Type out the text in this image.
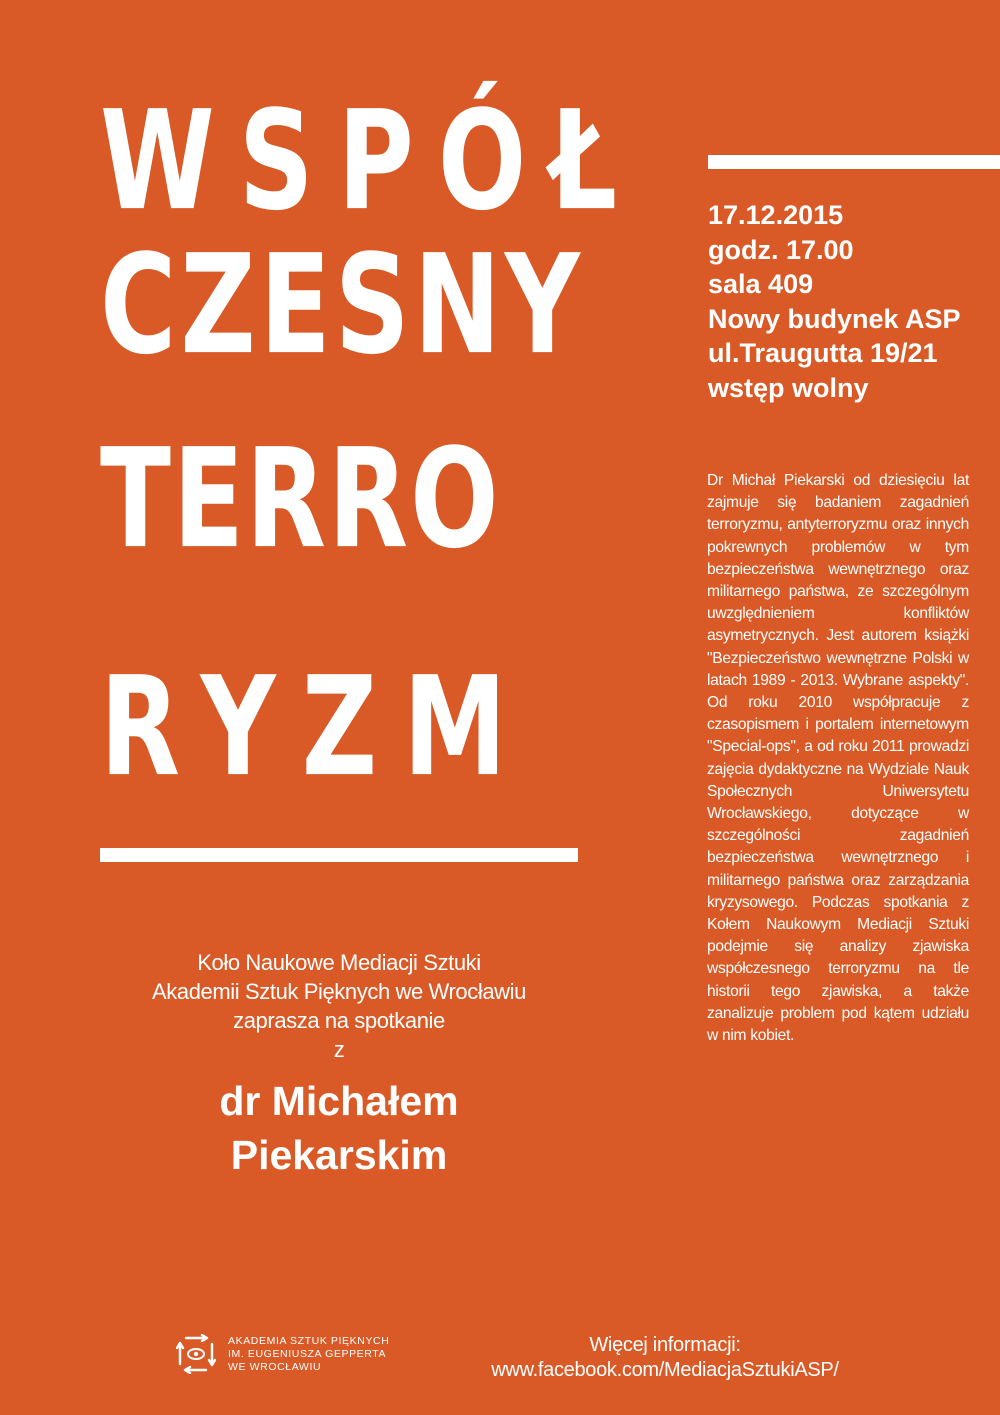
WSPÓŁ
CZESNY
TERRO
RYZM
17.12.2015
godz. 17.00
sala 409
Nowy budynek ASP
ul.Traugutta 19/21
wstęp wolny
Dr Michał Piekarski od dziesięciu lat zajmuje się badaniem zagadnień terroryzmu, antyterroryzmu oraz innych pokrewnych problemów w tym bezpieczeństwa wewnętrznego oraz militarnego państwa, ze szczególnym uwzględnieniem konfliktów asymetrycznych. Jest autorem książki "Bezpieczeństwo wewnętrzne Polski w latach 1989 - 2013. Wybrane aspekty". Od roku 2010 współpracuje z czasopismem i portalem internetowym "Special-ops", a od roku 2011 prowadzi zajęcia dydaktyczne na Wydziale Nauk Społecznych Uniwersytetu Wrocławskiego, dotyczące w szczególności zagadnień bezpieczeństwa wewnętrznego i militarnego państwa oraz zarządzania kryzysowego. Podczas spotkania z Kołem Naukowym Mediacji Sztuki podejmie się analizy zjawiska współczesnego terroryzmu na tle historii tego zjawiska, a także zanalizuje problem pod kątem udziału w nim kobiet.
Koło Naukowe Mediacji Sztuki
Akademii Sztuk Pięknych we Wrocławiu
zaprasza na spotkanie
z
dr Michałem
Piekarskim
AKADEMIA SZTUK PIĘKNYCH
IM. EUGENIUSZA GEPPERTA
WE WROCŁAWIU
Więcej informacji:
www.facebook.com/MediacjaSztukiASP/
